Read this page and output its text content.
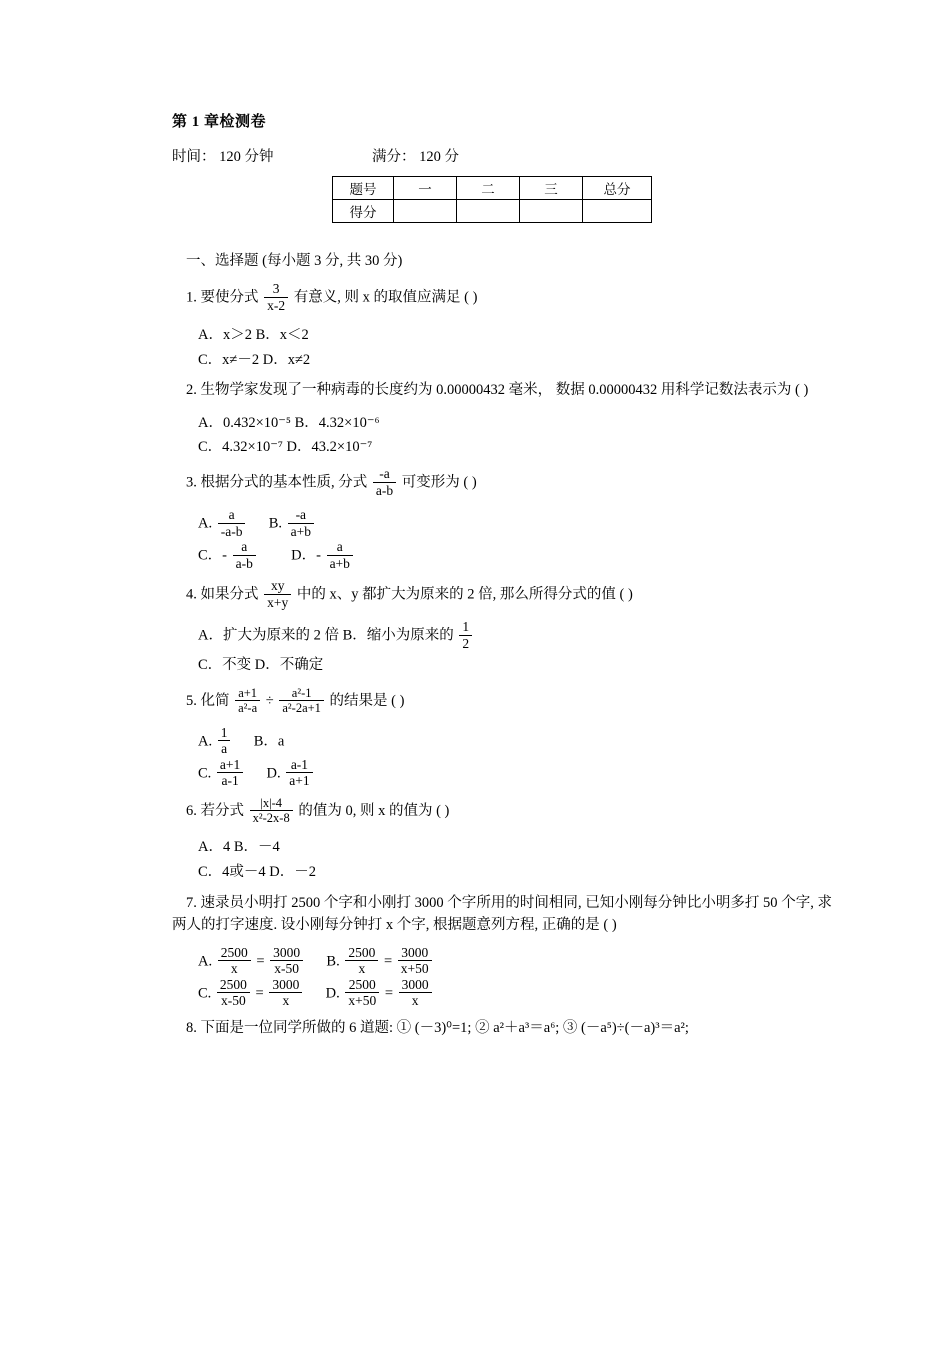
第 1 章检测卷
时间： 120 分钟	满分： 120 分
题号	一	二	三	总分
得分				
一、选择题 (每小题 3 分, 共 30 分)
1. 要使分式 $\frac{3}{x-2}$ 有意义, 则 x 的取值应满足 ( )
A．x＞2 B．x＜2
C．x≠－2 D．x≠2
2. 生物学家发现了一种病毒的长度约为 0.00000432 毫米， 数据 0.00000432 用科学记数法表示为 ( )
A．0.432×10⁻⁵ B．4.32×10⁻⁶
C．4.32×10⁻⁷ D．43.2×10⁻⁷
3. 根据分式的基本性质, 分式 $\frac{-a}{a-b}$ 可变形为 ( )
A. $\frac{a}{-a-b} B$. $\frac{-a}{a+b}$
C．- $\frac{a}{a-b}$ D．- $\frac{a}{a+b}$
4. 如果分式 $\frac{xy}{x+y}$ 中的 x、y 都扩大为原来的 2 倍, 那么所得分式的值 ( )
A．扩大为原来的 2 倍 B．缩小为原来的 $\frac{1}{2}$
C．不变 D．不确定
5. 化简 $\frac{a+1}{\text{a²-a}} \div \frac{\text{a²-1}}{\text{a²-2a+1}}$ 的结果是 ( )
A. $\frac{1}{a}$ B．a
C. $\frac{a+1}{a-1} D$. $\frac{a-1}{a+1}$
6. 若分式 $\frac{|x|-4}{\text{x²-2x-8}}$ 的值为 0, 则 x 的值为 ( )
A．4 B．－4
C．4或－4 D．－2
7. 速录员小明打 2500 个字和小刚打 3000 个字所用的时间相同, 已知小刚每分钟比小明多打 50 个字, 求两人的打字速度. 设小刚每分钟打 x 个字, 根据题意列方程, 正确的是 ( )
A. $\frac{2500}{x} = \frac{3000}{x-50} B$. $\frac{2500}{x} = \frac{3000}{x+50}$
C. $\frac{2500}{x-50} = \frac{3000}{x} D$. $\frac{2500}{x+50} = \frac{3000}{x}$
8. 下面是一位同学所做的 6 道题: ① (－3)⁰=1; ② a²＋a³＝a⁶; ③ (－a⁵)÷(－a)³＝a²;
